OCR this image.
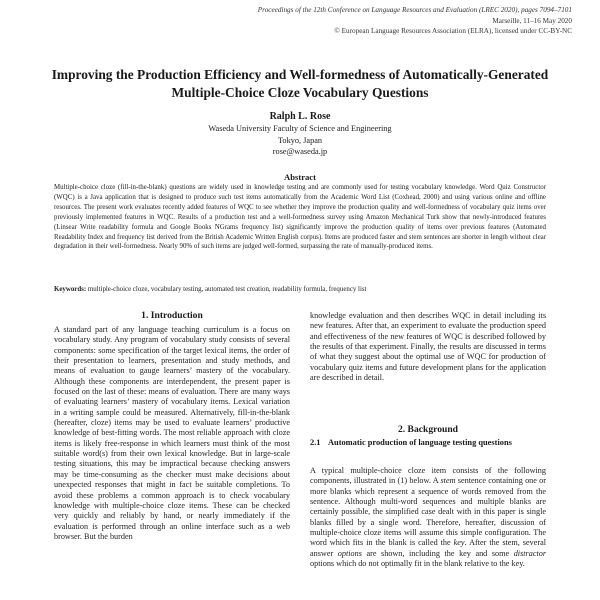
Proceedings of the 12th Conference on Language Resources and Evaluation (LREC 2020), pages 7094–7101
Marseille, 11–16 May 2020
© European Language Resources Association (ELRA), licensed under CC-BY-NC
Improving the Production Efficiency and Well-formedness of Automatically-Generated Multiple-Choice Cloze Vocabulary Questions
Ralph L. Rose
Waseda University Faculty of Science and Engineering
Tokyo, Japan
rose@waseda.jp
Abstract
Multiple-choice cloze (fill-in-the-blank) questions are widely used in knowledge testing and are commonly used for testing vocabulary knowledge. Word Quiz Constructor (WQC) is a Java application that is designed to produce such test items automatically from the Academic Word List (Coxhead, 2000) and using various online and offline resources. The present work evaluates recently added features of WQC to see whether they improve the production quality and well-formedness of vocabulary quiz items over previously implemented features in WQC. Results of a production test and a well-formedness survey using Amazon Mechanical Turk show that newly-introduced features (Linsear Write readability formula and Google Books NGrams frequency list) significantly improve the production quality of items over previous features (Automated Readability Index and frequency list derived from the British Academic Written English corpus). Items are produced faster and stem sentences are shorter in length without clear degradation in their well-formedness. Nearly 90% of such items are judged well-formed, surpassing the rate of manually-produced items.
Keywords: multiple-choice cloze, vocabulary testing, automated test creation, readability formula, frequency list
1. Introduction
A standard part of any language teaching curriculum is a focus on vocabulary study. Any program of vocabulary study consists of several components: some specification of the target lexical items, the order of their presentation to learners, presentation and study methods, and means of evaluation to gauge learners’ mastery of the vocabulary. Although these components are interdependent, the present paper is focused on the last of these: means of evaluation. There are many ways of evaluating learners’ mastery of vocabulary items. Lexical variation in a writing sample could be measured. Alternatively, fill-in-the-blank (hereafter, cloze) items may be used to evaluate learners’ productive knowledge of best-fitting words. The most reliable approach with cloze items is likely free-response in which learners must think of the most suitable word(s) from their own lexical knowledge. But in large-scale testing situations, this may be impractical because checking answers may be time-consuming as the checker must make decisions about unexpected responses that might in fact be suitable completions. To avoid these problems a common approach is to check vocabulary knowledge with multiple-choice cloze items. These can be checked very quickly and reliably by hand, or nearly immediately if the evaluation is performed through an online interface such as a web browser. But the burden
knowledge evaluation and then describes WQC in detail including its new features. After that, an experiment to evaluate the production speed and effectiveness of the new features of WQC is described followed by the results of that experiment. Finally, the results are discussed in terms of what they suggest about the optimal use of WQC for production of vocabulary quiz items and future development plans for the application are described in detail.
2. Background
2.1 Automatic production of language testing questions
A typical multiple-choice cloze item consists of the following components, illustrated in (1) below. A stem sentence containing one or more blanks which represent a sequence of words removed from the sentence. Although multi-word sequences and multiple blanks are certainly possible, the simplified case dealt with in this paper is single blanks filled by a single word. Therefore, hereafter, discussion of multiple-choice cloze items will assume this simple configuration. The word which fits in the blank is called the key. After the stem, several answer options are shown, including the key and some distractor options which do not optimally fit in the blank relative to the key.
